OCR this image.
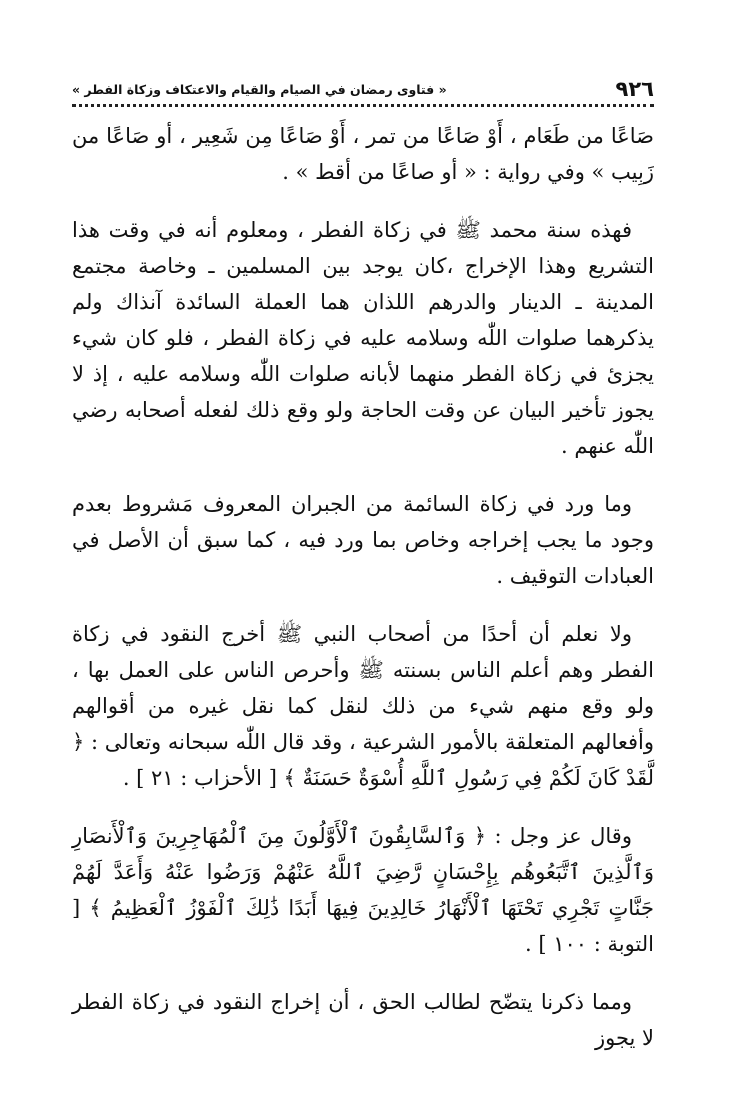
٩٢٦
« فتاوى رمضان في الصيام والقيام والاعتكاف وزكاة الفطر »

صَاعًا من طَعَام ، أَوْ صَاعًا من تمر ، أَوْ صَاعًا مِن شَعِير ، أو صَاعًا من زَبِيب » وفي رواية : « أو صاعًا من أقط » .

فهذه سنة محمد ﷺ في زكاة الفطر ، ومعلوم أنه في وقت هذا التشريع وهذا الإخراج ،كان يوجد بين المسلمين ـ وخاصة مجتمع المدينة ـ الدينار والدرهم اللذان هما العملة السائدة آنذاك ولم يذكرهما صلوات اللّٰه وسلامه عليه في زكاة الفطر ، فلو كان شيء يجزئ في زكاة الفطر منهما لأبانه صلوات اللّٰه وسلامه عليه ، إذ لا يجوز تأخير البيان عن وقت الحاجة ولو وقع ذلك لفعله أصحابه رضي اللّٰه عنهم .

وما ورد في زكاة السائمة من الجبران المعروف مَشروط بعدم وجود ما يجب إخراجه وخاص بما ورد فيه ، كما سبق أن الأصل في العبادات التوقيف .

ولا نعلم أن أحدًا من أصحاب النبي ﷺ أخرج النقود في زكاة الفطر وهم أعلم الناس بسنته ﷺ وأحرص الناس على العمل بها ، ولو وقع منهم شيء من ذلك لنقل كما نقل غيره من أقوالهم وأفعالهم المتعلقة بالأمور الشرعية ، وقد قال اللّٰه سبحانه وتعالى : ﴿ لَّقَدْ كَانَ لَكُمْ فِي رَسُولِ ٱللَّهِ أُسْوَةٌ حَسَنَةٌ ﴾ [ الأحزاب : ٢١ ] .

وقال عز وجل : ﴿ وَٱلسَّابِقُونَ ٱلْأَوَّلُونَ مِنَ ٱلْمُهَاجِرِينَ وَٱلْأَنصَارِ وَٱلَّذِينَ ٱتَّبَعُوهُم بِإِحْسَانٍ رَّضِيَ ٱللَّهُ عَنْهُمْ وَرَضُوا عَنْهُ وَأَعَدَّ لَهُمْ جَنَّاتٍ تَجْرِي تَحْتَهَا ٱلْأَنْهَارُ خَالِدِينَ فِيهَا أَبَدًا ذَٰلِكَ ٱلْفَوْزُ ٱلْعَظِيمُ ﴾ [ التوبة : ١٠٠ ] .

ومما ذكرنا يتضّح لطالب الحق ، أن إخراج النقود في زكاة الفطر لا يجوز
